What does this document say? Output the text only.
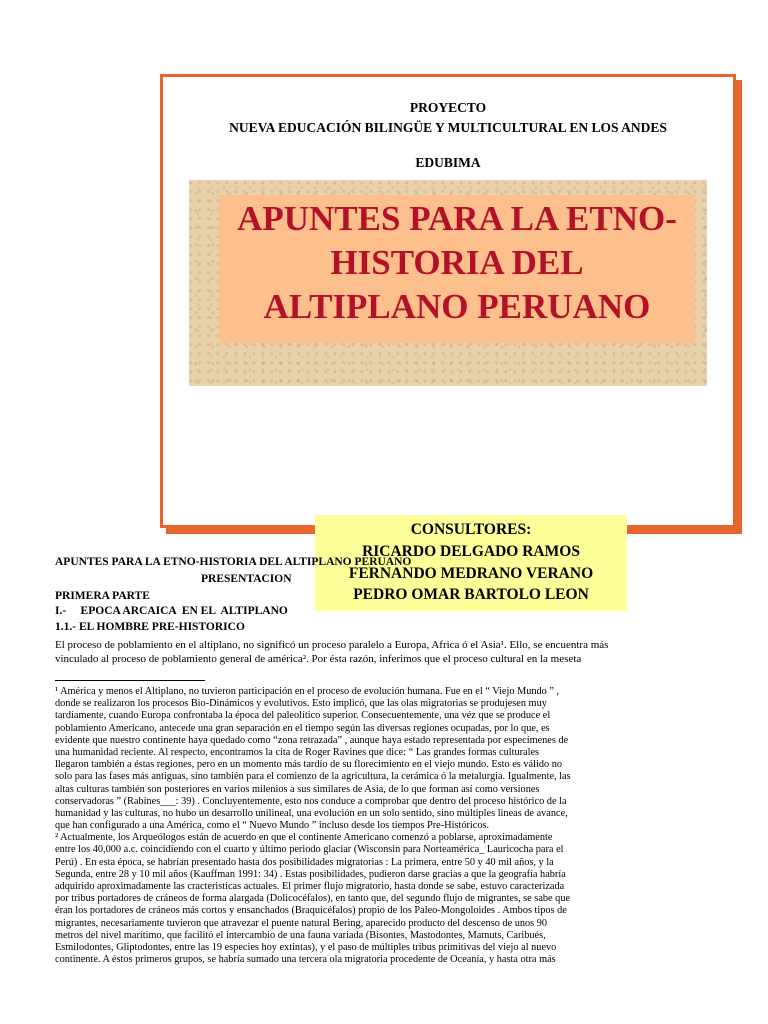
PROYECTO
NUEVA EDUCACIÓN BILINGÜE Y MULTICULTURAL EN LOS ANDES
EDUBIMA
APUNTES PARA LA ETNO-
HISTORIA DEL
ALTIPLANO PERUANO
CONSULTORES:
RICARDO DELGADO RAMOS
FERNANDO MEDRANO VERANO
PEDRO OMAR BARTOLO LEON
APUNTES PARA LA ETNO-HISTORIA DEL ALTIPLANO PERUANO
PRESENTACION
PRIMERA PARTE
I.-     EPOCA ARCAICA  EN EL  ALTIPLANO
1.1.- EL HOMBRE PRE-HISTORICO
El proceso de poblamiento en el altiplano, no significó un proceso paralelo a Europa, Africa ó el Asia¹. Ello, se encuentra más
vinculado al proceso de poblamiento general de américa². Por ésta razón, inferimos que el proceso cultural en la meseta
¹ América y menos el Altiplano, no tuvieron participación en el proceso de evolución humana. Fue en el “ Viejo Mundo ” ,
donde se realizaron los procesos Bio-Dinámicos y evolutivos. Esto implicó, que las olas migratorias se produjesen muy
tardíamente, cuando Europa confrontaba la época del paleolítico superior. Consecuentemente, una véz que se produce el
poblamiento Americano, antecede una gran separación en el tiempo según las diversas regiones ocupadas, por lo que, es
evidente que nuestro continente haya quedado como “zona retrazada” , aunque haya estado representada por especímenes de
una humanidad reciente. Al respecto, encontramos la cita de Roger Ravines que dice: “ Las grandes formas culturales
llegaron también a éstas regiones, pero en un momento más tardío de su florecimiento en el viejo mundo. Esto es válido no
solo para las fases más antiguas, sino también para el comienzo de la agricultura, la cerámica ó la metalurgia. Igualmente, las
altas culturas también son posteriores en varios milenios a sus similares de Asia, de lo que forman así como versiones
conservadoras ” (Rabines___: 39) . Concluyentemente, esto nos conduce a comprobar que dentro del proceso histórico de la
humanidad y las culturas, no hubo un desarrollo unilineal, una evolución en un solo sentido, sino múltiples lineas de avance,
que han configurado a una América, como el “ Nuevo Mundo ” incluso desde los tiempos Pre-Históricos.
² Actualmente, los Arqueólogos están de acuerdo en que el continente Americano comenzó a poblarse, aproximadamente
entre los 40,000 a.c. coincidiendo con el cuarto y último periodo glaciar (Wisconsin para Norteamérica_ Lauricocha para el
Perú) . En esta época, se habrían presentado hasta dos posibilidades migratorias : La primera, entre 50 y 40 mil años, y la
Segunda, entre 28 y 10 mil años (Kauffman 1991: 34) . Estas posibilidades, pudieron darse gracias a que la geografía habría
adquirido aproximadamente las cracteristicas actuales. El primer flujo migratorio, hasta donde se sabe, estuvo caracterizada
por tribus portadores de cráneos de forma alargada (Dolicocéfalos), en tanto que, del segundo flujo de migrantes, se sabe que
éran los portadores de cráneos más cortos y ensanchados (Braquicéfalos) propio de los Paleo-Mongoloides . Ambos tipos de
migrantes, necesariamente tuvieron que atravezar el puente natural Bering, aparecido producto del descenso de unos 90
metros del nivel marítimo, que facilitó el intercambio de una fauna variada (Bisontes, Mastodontes, Mamuts, Caribués,
Esmilodontes, Gliptodontes, entre las 19 especies hoy extintas), y el paso de múltiples tribus primitivas del viejo al nuevo
continente. A éstos primeros grupos, se habría sumado una tercera ola migratoria procedente de Oceanía, y hasta otra más
